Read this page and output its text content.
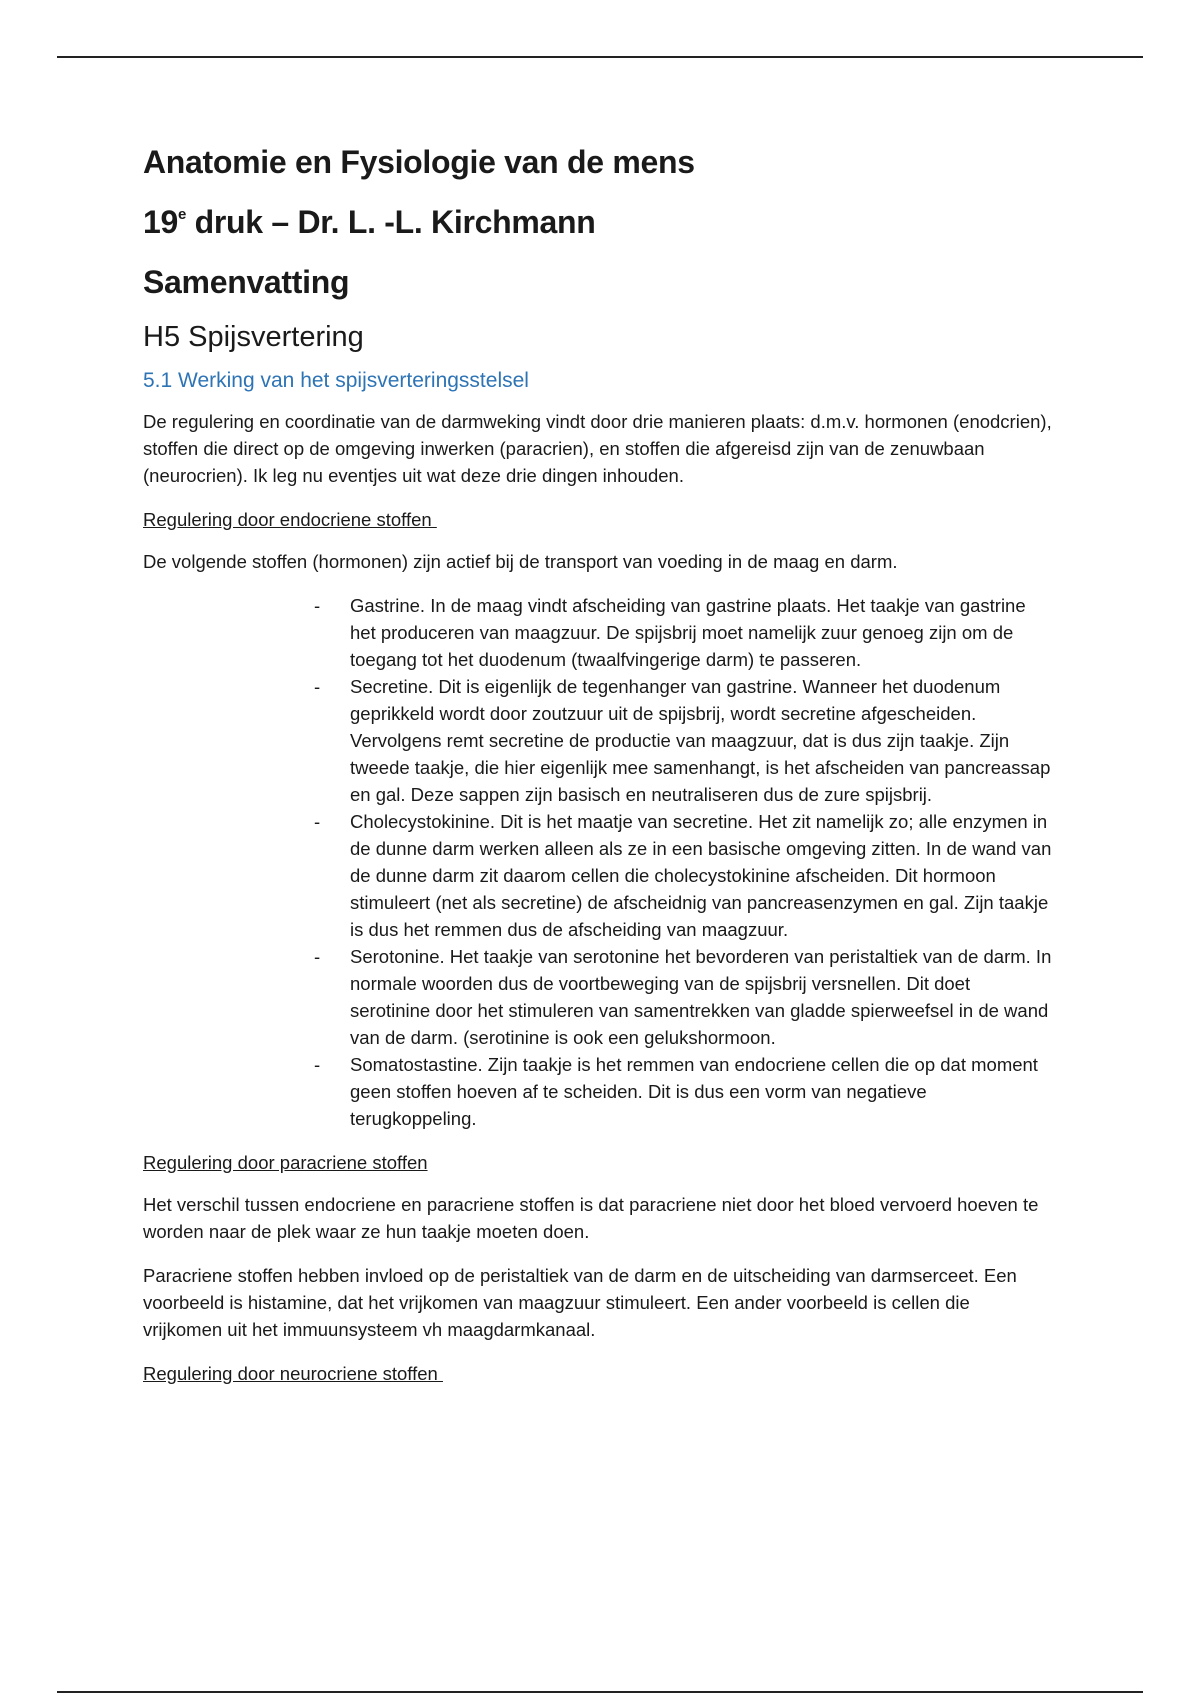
Anatomie en Fysiologie van de mens
19e druk – Dr. L. -L. Kirchmann
Samenvatting
H5 Spijsvertering
5.1 Werking van het spijsverteringsstelsel
De regulering en coordinatie van de darmweking vindt door drie manieren plaats: d.m.v. hormonen (enodcrien), stoffen die direct op de omgeving inwerken (paracrien), en stoffen die afgereisd zijn van de zenuwbaan (neurocrien). Ik leg nu eventjes uit wat deze drie dingen inhouden.
Regulering door endocriene stoffen
De volgende stoffen (hormonen) zijn actief bij de transport van voeding in de maag en darm.
- Gastrine. In de maag vindt afscheiding van gastrine plaats. Het taakje van gastrine het produceren van maagzuur. De spijsbrij moet namelijk zuur genoeg zijn om de toegang tot het duodenum (twaalfvingerige darm) te passeren.
- Secretine. Dit is eigenlijk de tegenhanger van gastrine. Wanneer het duodenum geprikkeld wordt door zoutzuur uit de spijsbrij, wordt secretine afgescheiden. Vervolgens remt secretine de productie van maagzuur, dat is dus zijn taakje. Zijn tweede taakje, die hier eigenlijk mee samenhangt, is het afscheiden van pancreassap en gal. Deze sappen zijn basisch en neutraliseren dus de zure spijsbrij.
- Cholecystokinine. Dit is het maatje van secretine. Het zit namelijk zo; alle enzymen in de dunne darm werken alleen als ze in een basische omgeving zitten. In de wand van de dunne darm zit daarom cellen die cholecystokinine afscheiden. Dit hormoon stimuleert (net als secretine) de afscheidnig van pancreasenzymen en gal. Zijn taakje is dus het remmen dus de afscheiding van maagzuur.
- Serotonine. Het taakje van serotonine het bevorderen van peristaltiek van de darm. In normale woorden dus de voortbeweging van de spijsbrij versnellen. Dit doet serotinine door het stimuleren van samentrekken van gladde spierweefsel in de wand van de darm. (serotinine is ook een gelukshormoon.
- Somatostastine. Zijn taakje is het remmen van endocriene cellen die op dat moment geen stoffen hoeven af te scheiden. Dit is dus een vorm van negatieve terugkoppeling.
Regulering door paracriene stoffen
Het verschil tussen endocriene en paracriene stoffen is dat paracriene niet door het bloed vervoerd hoeven te worden naar de plek waar ze hun taakje moeten doen.
Paracriene stoffen hebben invloed op de peristaltiek van de darm en de uitscheiding van darmserceet. Een voorbeeld is histamine, dat het vrijkomen van maagzuur stimuleert. Een ander voorbeeld is cellen die vrijkomen uit het immuunsysteem vh maagdarmkanaal.
Regulering door neurocriene stoffen
